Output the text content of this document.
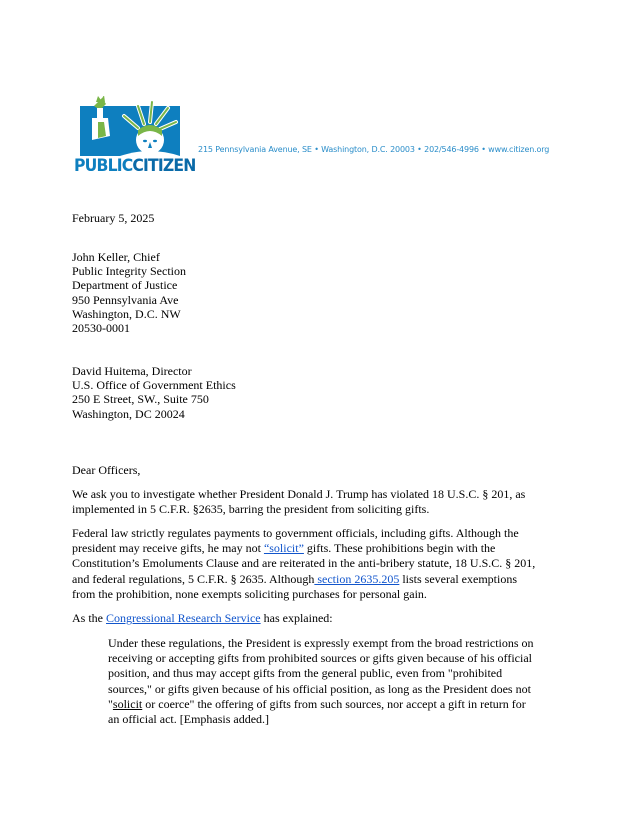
PUBLICCITIZEN
215 Pennsylvania Avenue, SE • Washington, D.C. 20003 • 202/546-4996 • www.citizen.org
February 5, 2025
John Keller, Chief
Public Integrity Section
Department of Justice
950 Pennsylvania Ave
Washington, D.C. NW
20530-0001
David Huitema, Director
U.S. Office of Government Ethics
250 E Street, SW., Suite 750
Washington, DC 20024
Dear Officers,
We ask you to investigate whether President Donald J. Trump has violated 18 U.S.C. § 201, as
implemented in 5 C.F.R. §2635, barring the president from soliciting gifts.
Federal law strictly regulates payments to government officials, including gifts. Although the
president may receive gifts, he may not “solicit” gifts. These prohibitions begin with the
Constitution’s Emoluments Clause and are reiterated in the anti-bribery statute, 18 U.S.C. § 201,
and federal regulations, 5 C.F.R. § 2635. Although section 2635.205 lists several exemptions
from the prohibition, none exempts soliciting purchases for personal gain.
As the Congressional Research Service has explained:
Under these regulations, the President is expressly exempt from the broad restrictions on
receiving or accepting gifts from prohibited sources or gifts given because of his official
position, and thus may accept gifts from the general public, even from "prohibited
sources," or gifts given because of his official position, as long as the President does not
"solicit or coerce" the offering of gifts from such sources, nor accept a gift in return for
an official act. [Emphasis added.]
